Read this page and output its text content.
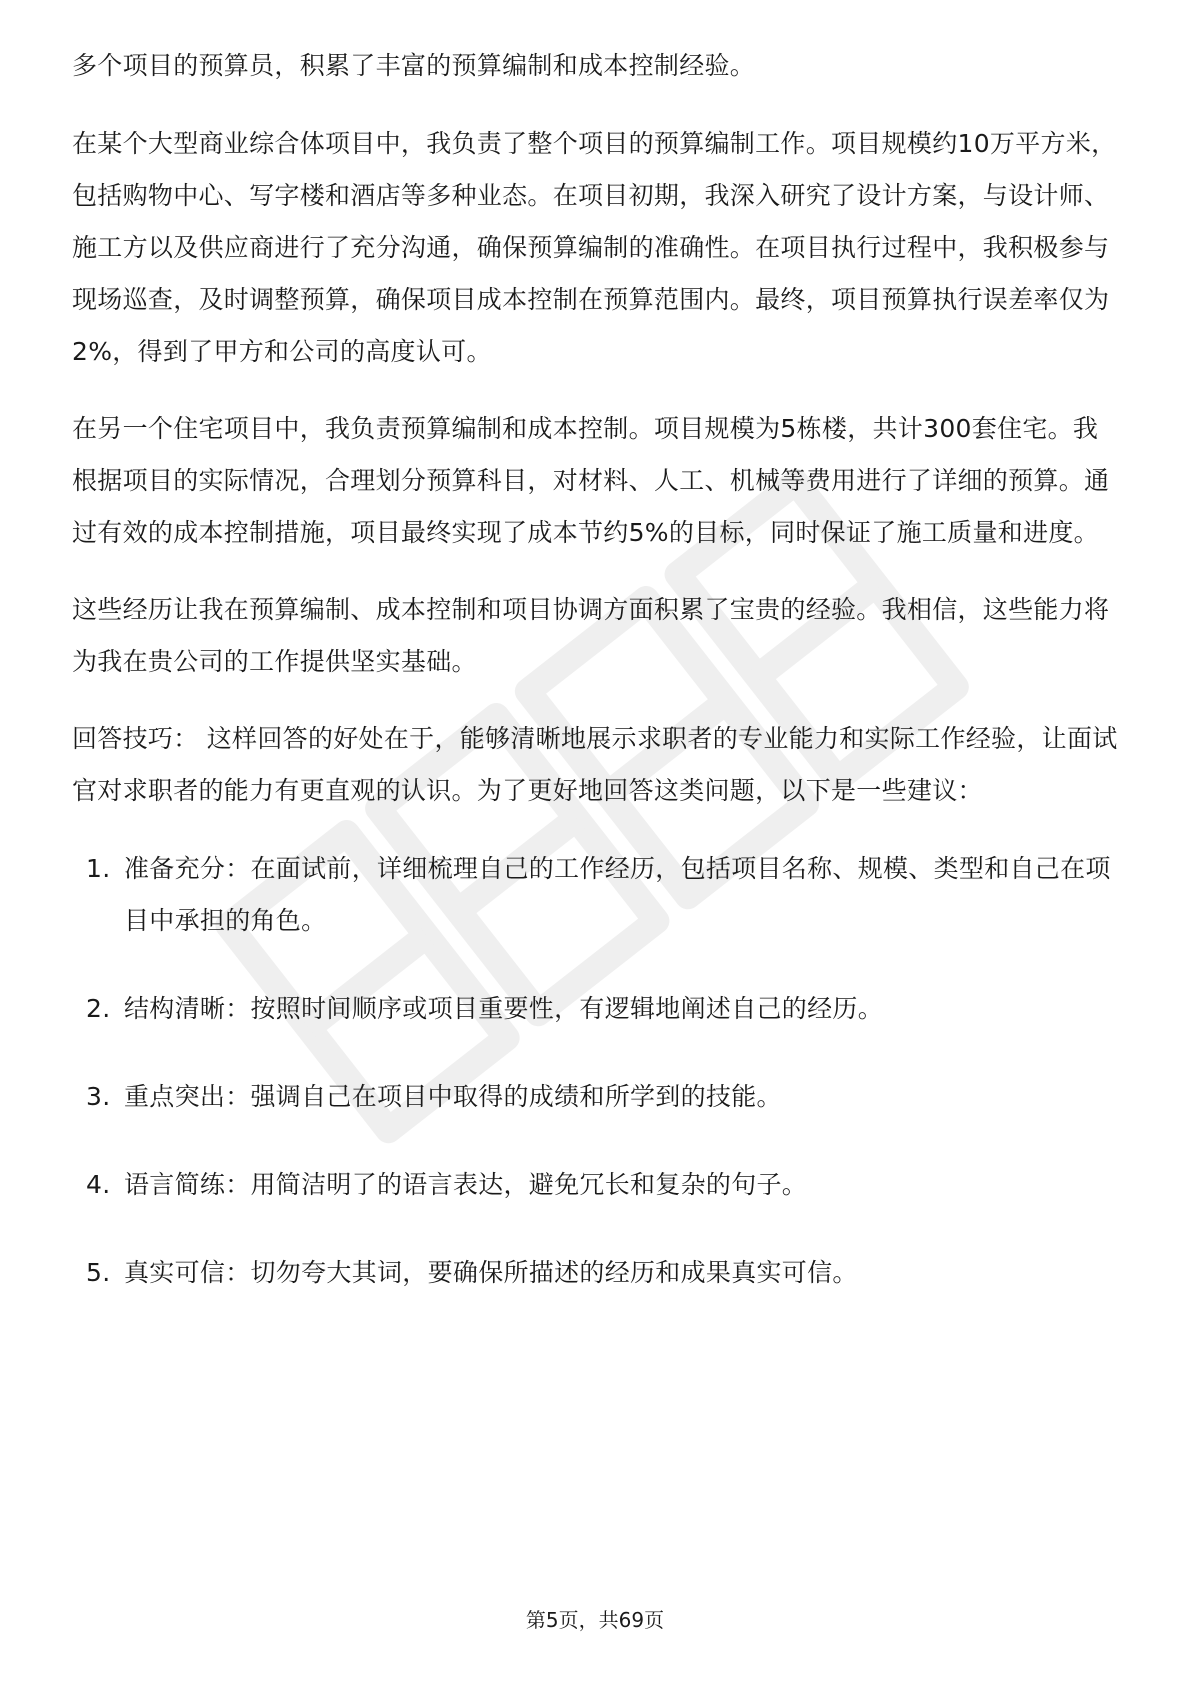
多个项目的预算员，积累了丰富的预算编制和成本控制经验。

在某个大型商业综合体项目中，我负责了整个项目的预算编制工作。项目规模约10万平方米，包括购物中心、写字楼和酒店等多种业态。在项目初期，我深入研究了设计方案，与设计师、施工方以及供应商进行了充分沟通，确保预算编制的准确性。在项目执行过程中，我积极参与现场巡查，及时调整预算，确保项目成本控制在预算范围内。最终，项目预算执行误差率仅为2%，得到了甲方和公司的高度认可。

在另一个住宅项目中，我负责预算编制和成本控制。项目规模为5栋楼，共计300套住宅。我根据项目的实际情况，合理划分预算科目，对材料、人工、机械等费用进行了详细的预算。通过有效的成本控制措施，项目最终实现了成本节约5%的目标，同时保证了施工质量和进度。

这些经历让我在预算编制、成本控制和项目协调方面积累了宝贵的经验。我相信，这些能力将为我在贵公司的工作提供坚实基础。

回答技巧： 这样回答的好处在于，能够清晰地展示求职者的专业能力和实际工作经验，让面试官对求职者的能力有更直观的认识。为了更好地回答这类问题，以下是一些建议：

1. 准备充分：在面试前，详细梳理自己的工作经历，包括项目名称、规模、类型和自己在项目中承担的角色。
2. 结构清晰：按照时间顺序或项目重要性，有逻辑地阐述自己的经历。
3. 重点突出：强调自己在项目中取得的成绩和所学到的技能。
4. 语言简练：用简洁明了的语言表达，避免冗长和复杂的句子。
5. 真实可信：切勿夸大其词，要确保所描述的经历和成果真实可信。
第5页，共69页
